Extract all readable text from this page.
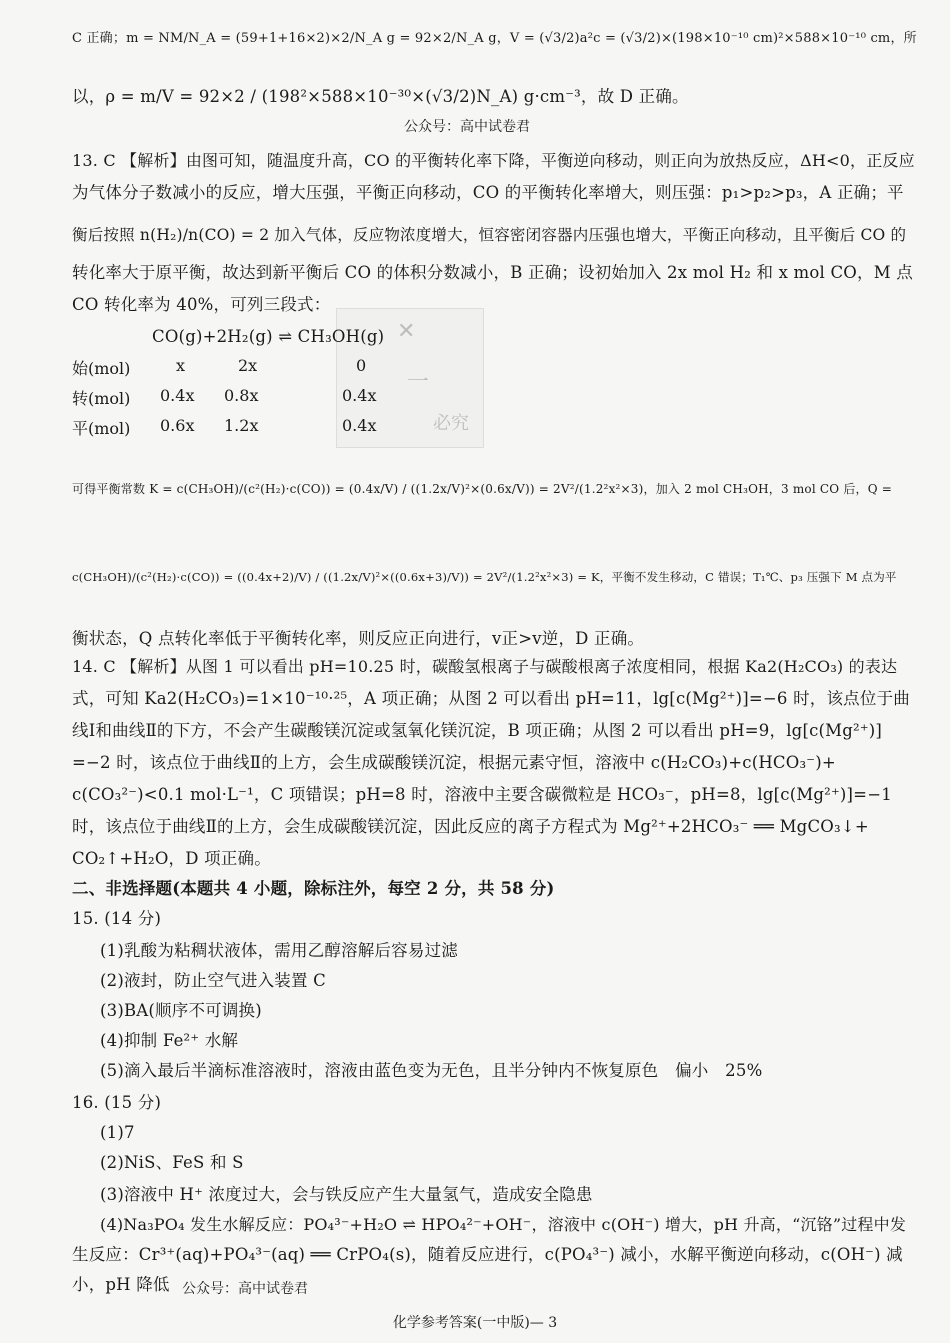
C 正确；m = NM/N_A = (59+1+16×2)×2/N_A g = 92×2/N_A g，V = (√3/2)a²c = (√3/2)×(198×10⁻¹⁰ cm)²×588×10⁻¹⁰ cm，所
以，ρ = m/V = 92×2 / (198²×588×10⁻³⁰×(√3/2)N_A) g·cm⁻³，故 D 正确。
公众号：高中试卷君
13. C 【解析】由图可知，随温度升高，CO 的平衡转化率下降，平衡逆向移动，则正向为放热反应，ΔH<0，正反应
为气体分子数减小的反应，增大压强，平衡正向移动，CO 的平衡转化率增大，则压强：p₁>p₂>p₃，A 正确；平
衡后按照 n(H₂)/n(CO) = 2 加入气体，反应物浓度增大，恒容密闭容器内压强也增大，平衡正向移动，且平衡后 CO 的
转化率大于原平衡，故达到新平衡后 CO 的体积分数减小，B 正确；设初始加入 2x mol H₂ 和 x mol CO，M 点
CO 转化率为 40%，可列三段式：
✕
一
必究
CO(g)+2H₂(g) ⇌ CH₃OH(g)
始(mol)	x	2x	0
转(mol) 0.4x 0.8x	0.4x
平(mol) 0.6x 1.2x	0.4x
可得平衡常数 K = c(CH₃OH)/(c²(H₂)·c(CO)) = (0.4x/V) / ((1.2x/V)²×(0.6x/V)) = 2V²/(1.2²x²×3)，加入 2 mol CH₃OH，3 mol CO 后，Q =
c(CH₃OH)/(c²(H₂)·c(CO)) = ((0.4x+2)/V) / ((1.2x/V)²×((0.6x+3)/V)) = 2V²/(1.2²x²×3) = K，平衡不发生移动，C 错误；T₁℃、p₃ 压强下 M 点为平
衡状态，Q 点转化率低于平衡转化率，则反应正向进行，v正>v逆，D 正确。
14. C 【解析】从图 1 可以看出 pH=10.25 时，碳酸氢根离子与碳酸根离子浓度相同，根据 Ka2(H₂CO₃) 的表达
式，可知 Ka2(H₂CO₃)=1×10⁻¹⁰·²⁵，A 项正确；从图 2 可以看出 pH=11，lg[c(Mg²⁺)]=−6 时，该点位于曲
线Ⅰ和曲线Ⅱ的下方，不会产生碳酸镁沉淀或氢氧化镁沉淀，B 项正确；从图 2 可以看出 pH=9，lg[c(Mg²⁺)]
=−2 时，该点位于曲线Ⅱ的上方，会生成碳酸镁沉淀，根据元素守恒，溶液中 c(H₂CO₃)+c(HCO₃⁻)+
c(CO₃²⁻)<0.1 mol·L⁻¹，C 项错误；pH=8 时，溶液中主要含碳微粒是 HCO₃⁻，pH=8，lg[c(Mg²⁺)]=−1
时，该点位于曲线Ⅱ的上方，会生成碳酸镁沉淀，因此反应的离子方程式为 Mg²⁺+2HCO₃⁻ ══ MgCO₃↓+
CO₂↑+H₂O，D 项正确。
二、非选择题(本题共 4 小题，除标注外，每空 2 分，共 58 分)
15. (14 分)
(1)乳酸为粘稠状液体，需用乙醇溶解后容易过滤
(2)液封，防止空气进入装置 C
(3)BA(顺序不可调换)
(4)抑制 Fe²⁺ 水解
(5)滴入最后半滴标准溶液时，溶液由蓝色变为无色，且半分钟内不恢复原色　偏小　25%
16. (15 分)
(1)7
(2)NiS、FeS 和 S
(3)溶液中 H⁺ 浓度过大，会与铁反应产生大量氢气，造成安全隐患
(4)Na₃PO₄ 发生水解反应：PO₄³⁻+H₂O ⇌ HPO₄²⁻+OH⁻，溶液中 c(OH⁻) 增大，pH 升高，“沉铬”过程中发
生反应：Cr³⁺(aq)+PO₄³⁻(aq) ══ CrPO₄(s)，随着反应进行，c(PO₄³⁻) 减小，水解平衡逆向移动，c(OH⁻) 减
小，pH 降低 公众号：高中试卷君
化学参考答案(一中版)— 3
